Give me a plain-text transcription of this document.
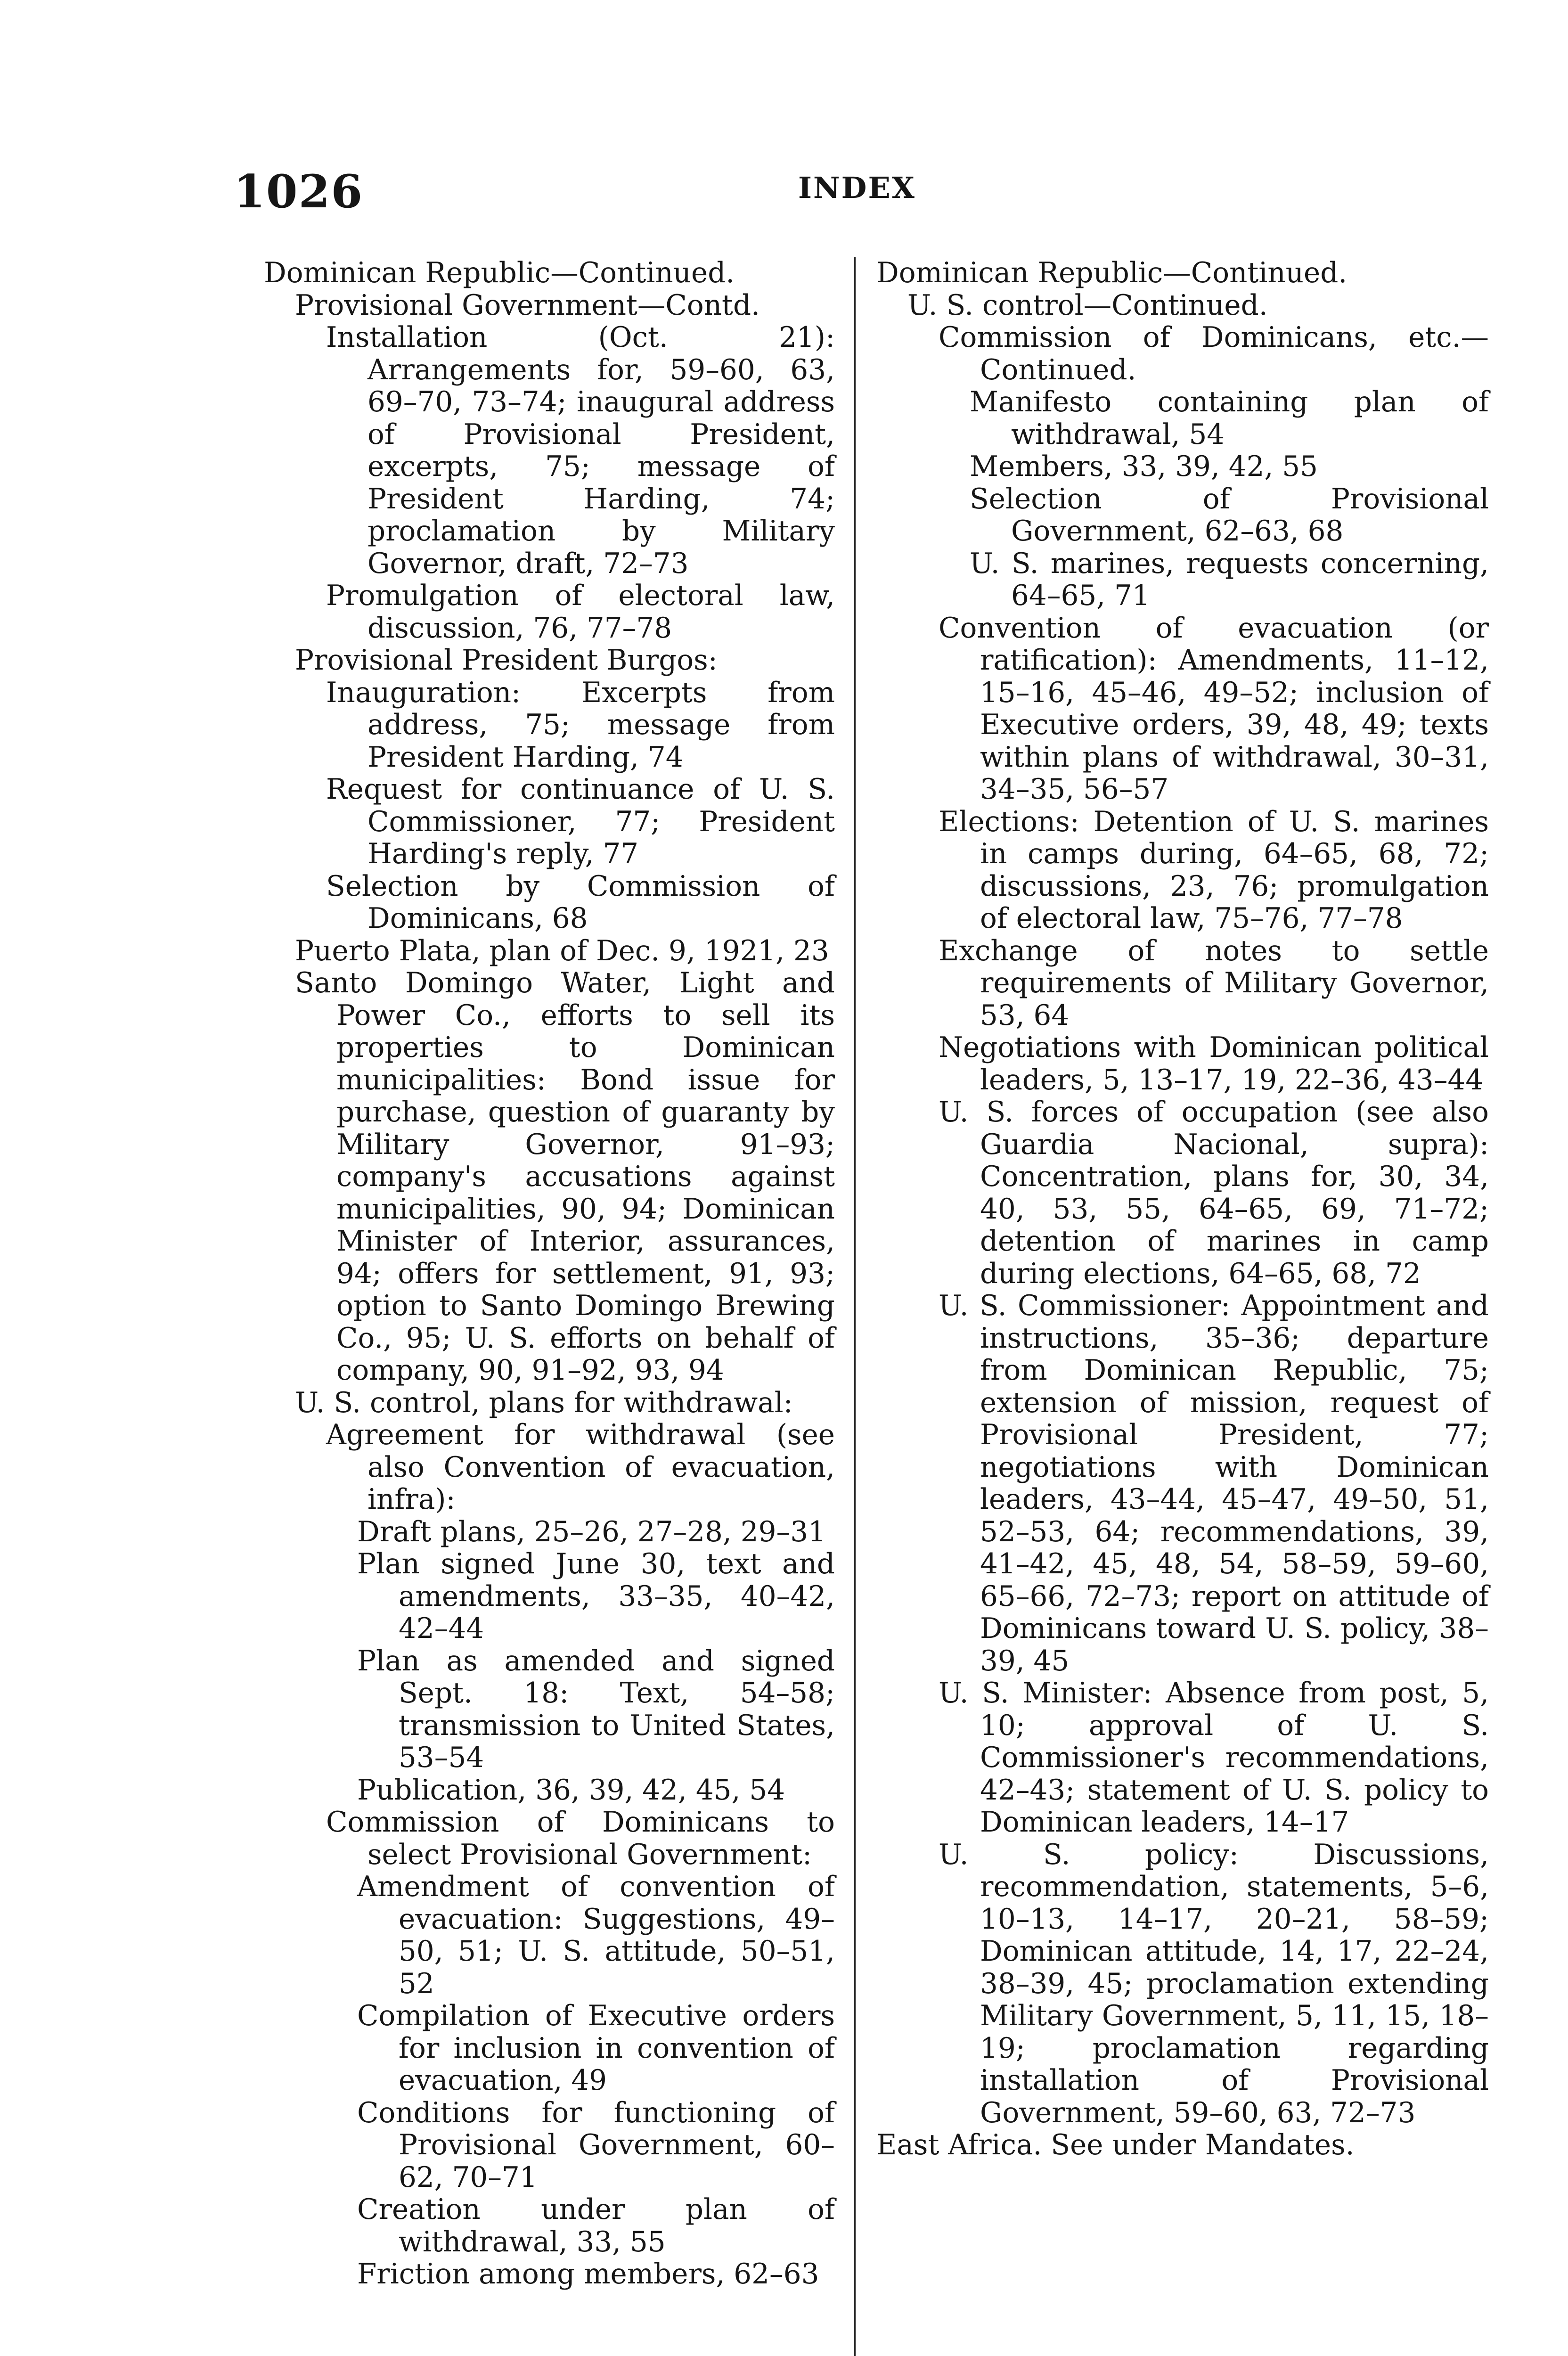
1026	INDEX

Dominican Republic—Continued.

Provisional Government—Contd.

Installation (Oct. 21): Arrangements for, 59–60, 63, 69–70, 73–74; inaugural address of Provisional President, excerpts, 75; message of President Harding, 74; proclamation by Military Governor, draft, 72–73

Promulgation of electoral law, discussion, 76, 77–78

Provisional President Burgos:

Inauguration: Excerpts from address, 75; message from President Harding, 74

Request for continuance of U. S. Commissioner, 77; President Harding's reply, 77

Selection by Commission of Dominicans, 68

Puerto Plata, plan of Dec. 9, 1921, 23

Santo Domingo Water, Light and Power Co., efforts to sell its properties to Dominican municipalities: Bond issue for purchase, question of guaranty by Military Governor, 91–93; company's accusations against municipalities, 90, 94; Dominican Minister of Interior, assurances, 94; offers for settlement, 91, 93; option to Santo Domingo Brewing Co., 95; U. S. efforts on behalf of company, 90, 91–92, 93, 94

U. S. control, plans for withdrawal:

Agreement for withdrawal (see also Convention of evacuation, infra):

Draft plans, 25–26, 27–28, 29–31

Plan signed June 30, text and amendments, 33–35, 40–42, 42–44

Plan as amended and signed Sept. 18: Text, 54–58; transmission to United States, 53–54

Publication, 36, 39, 42, 45, 54

Commission of Dominicans to select Provisional Government:

Amendment of convention of evacuation: Suggestions, 49–50, 51; U. S. attitude, 50–51, 52

Compilation of Executive orders for inclusion in convention of evacuation, 49

Conditions for functioning of Provisional Government, 60–62, 70–71

Creation under plan of withdrawal, 33, 55

Friction among members, 62–63

Dominican Republic—Continued.

U. S. control—Continued.

Commission of Dominicans, etc.—Continued.

Manifesto containing plan of withdrawal, 54

Members, 33, 39, 42, 55

Selection of Provisional Government, 62–63, 68

U. S. marines, requests concerning, 64–65, 71

Convention of evacuation (or ratification): Amendments, 11–12, 15–16, 45–46, 49–52; inclusion of Executive orders, 39, 48, 49; texts within plans of withdrawal, 30–31, 34–35, 56–57

Elections: Detention of U. S. marines in camps during, 64–65, 68, 72; discussions, 23, 76; promulgation of electoral law, 75–76, 77–78

Exchange of notes to settle requirements of Military Governor, 53, 64

Negotiations with Dominican political leaders, 5, 13–17, 19, 22–36, 43–44

U. S. forces of occupation (see also Guardia Nacional, supra): Concentration, plans for, 30, 34, 40, 53, 55, 64–65, 69, 71–72; detention of marines in camp during elections, 64–65, 68, 72

U. S. Commissioner: Appointment and instructions, 35–36; departure from Dominican Republic, 75; extension of mission, request of Provisional President, 77; negotiations with Dominican leaders, 43–44, 45–47, 49–50, 51, 52–53, 64; recommendations, 39, 41–42, 45, 48, 54, 58–59, 59–60, 65–66, 72–73; report on attitude of Dominicans toward U. S. policy, 38–39, 45

U. S. Minister: Absence from post, 5, 10; approval of U. S. Commissioner's recommendations, 42–43; statement of U. S. policy to Dominican leaders, 14–17

U. S. policy: Discussions, recommendation, statements, 5–6, 10–13, 14–17, 20–21, 58–59; Dominican attitude, 14, 17, 22–24, 38–39, 45; proclamation extending Military Government, 5, 11, 15, 18–19; proclamation regarding installation of Provisional Government, 59–60, 63, 72–73

East Africa. See under Mandates.
